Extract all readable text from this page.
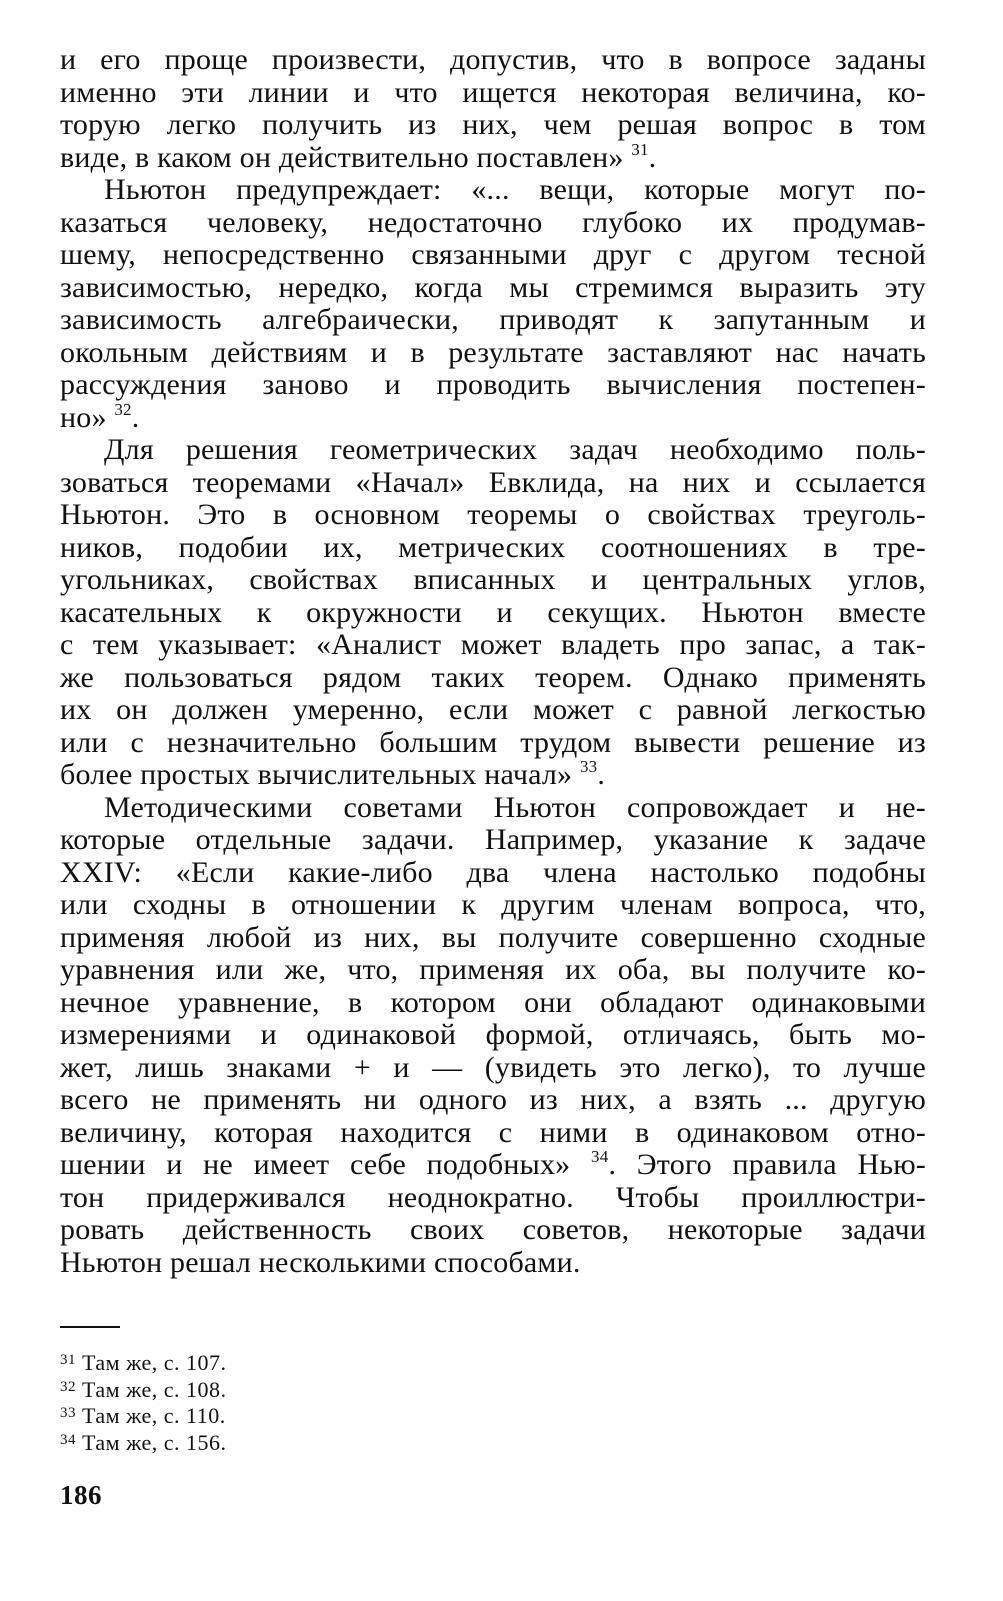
и его проще произвести, допустив, что в вопросе заданы
именно эти линии и что ищется некоторая величина, ко-
торую легко получить из них, чем решая вопрос в том
виде, в каком он действительно поставлен» $^{31}$.
Ньютон предупреждает: «... вещи, которые могут по-
казаться человеку, недостаточно глубоко их продумав-
шему, непосредственно связанными друг с другом тесной
зависимостью, нередко, когда мы стремимся выразить эту
зависимость алгебраически, приводят к запутанным и
окольным действиям и в результате заставляют нас начать
рассуждения заново и проводить вычисления постепен-
но» $^{32}$.
Для решения геометрических задач необходимо поль-
зоваться теоремами «Начал» Евклида, на них и ссылается
Ньютон. Это в основном теоремы о свойствах треуголь-
ников, подобии их, метрических соотношениях в тре-
угольниках, свойствах вписанных и центральных углов,
касательных к окружности и секущих. Ньютон вместе
с тем указывает: «Аналист может владеть про запас, а так-
же пользоваться рядом таких теорем. Однако применять
их он должен умеренно, если может с равной легкостью
или с незначительно большим трудом вывести решение из
более простых вычислительных начал» $^{33}$.
Методическими советами Ньютон сопровождает и не-
которые отдельные задачи. Например, указание к задаче
XXIV: «Если какие-либо два члена настолько подобны
или сходны в отношении к другим членам вопроса, что,
применяя любой из них, вы получите совершенно сходные
уравнения или же, что, применяя их оба, вы получите ко-
нечное уравнение, в котором они обладают одинаковыми
измерениями и одинаковой формой, отличаясь, быть мо-
жет, лишь знаками + и — (увидеть это легко), то лучше
всего не применять ни одного из них, а взять ... другую
величину, которая находится с ними в одинаковом отно-
шении и не имеет себе подобных» $^{34}$. Этого правила Нью-
тон придерживался неоднократно. Чтобы проиллюстри-
ровать действенность своих советов, некоторые задачи
Ньютон решал несколькими способами.
$^{31}$ Там же, с. 107.
$^{32}$ Там же, с. 108.
$^{33}$ Там же, с. 110.
$^{34}$ Там же, с. 156.
186
